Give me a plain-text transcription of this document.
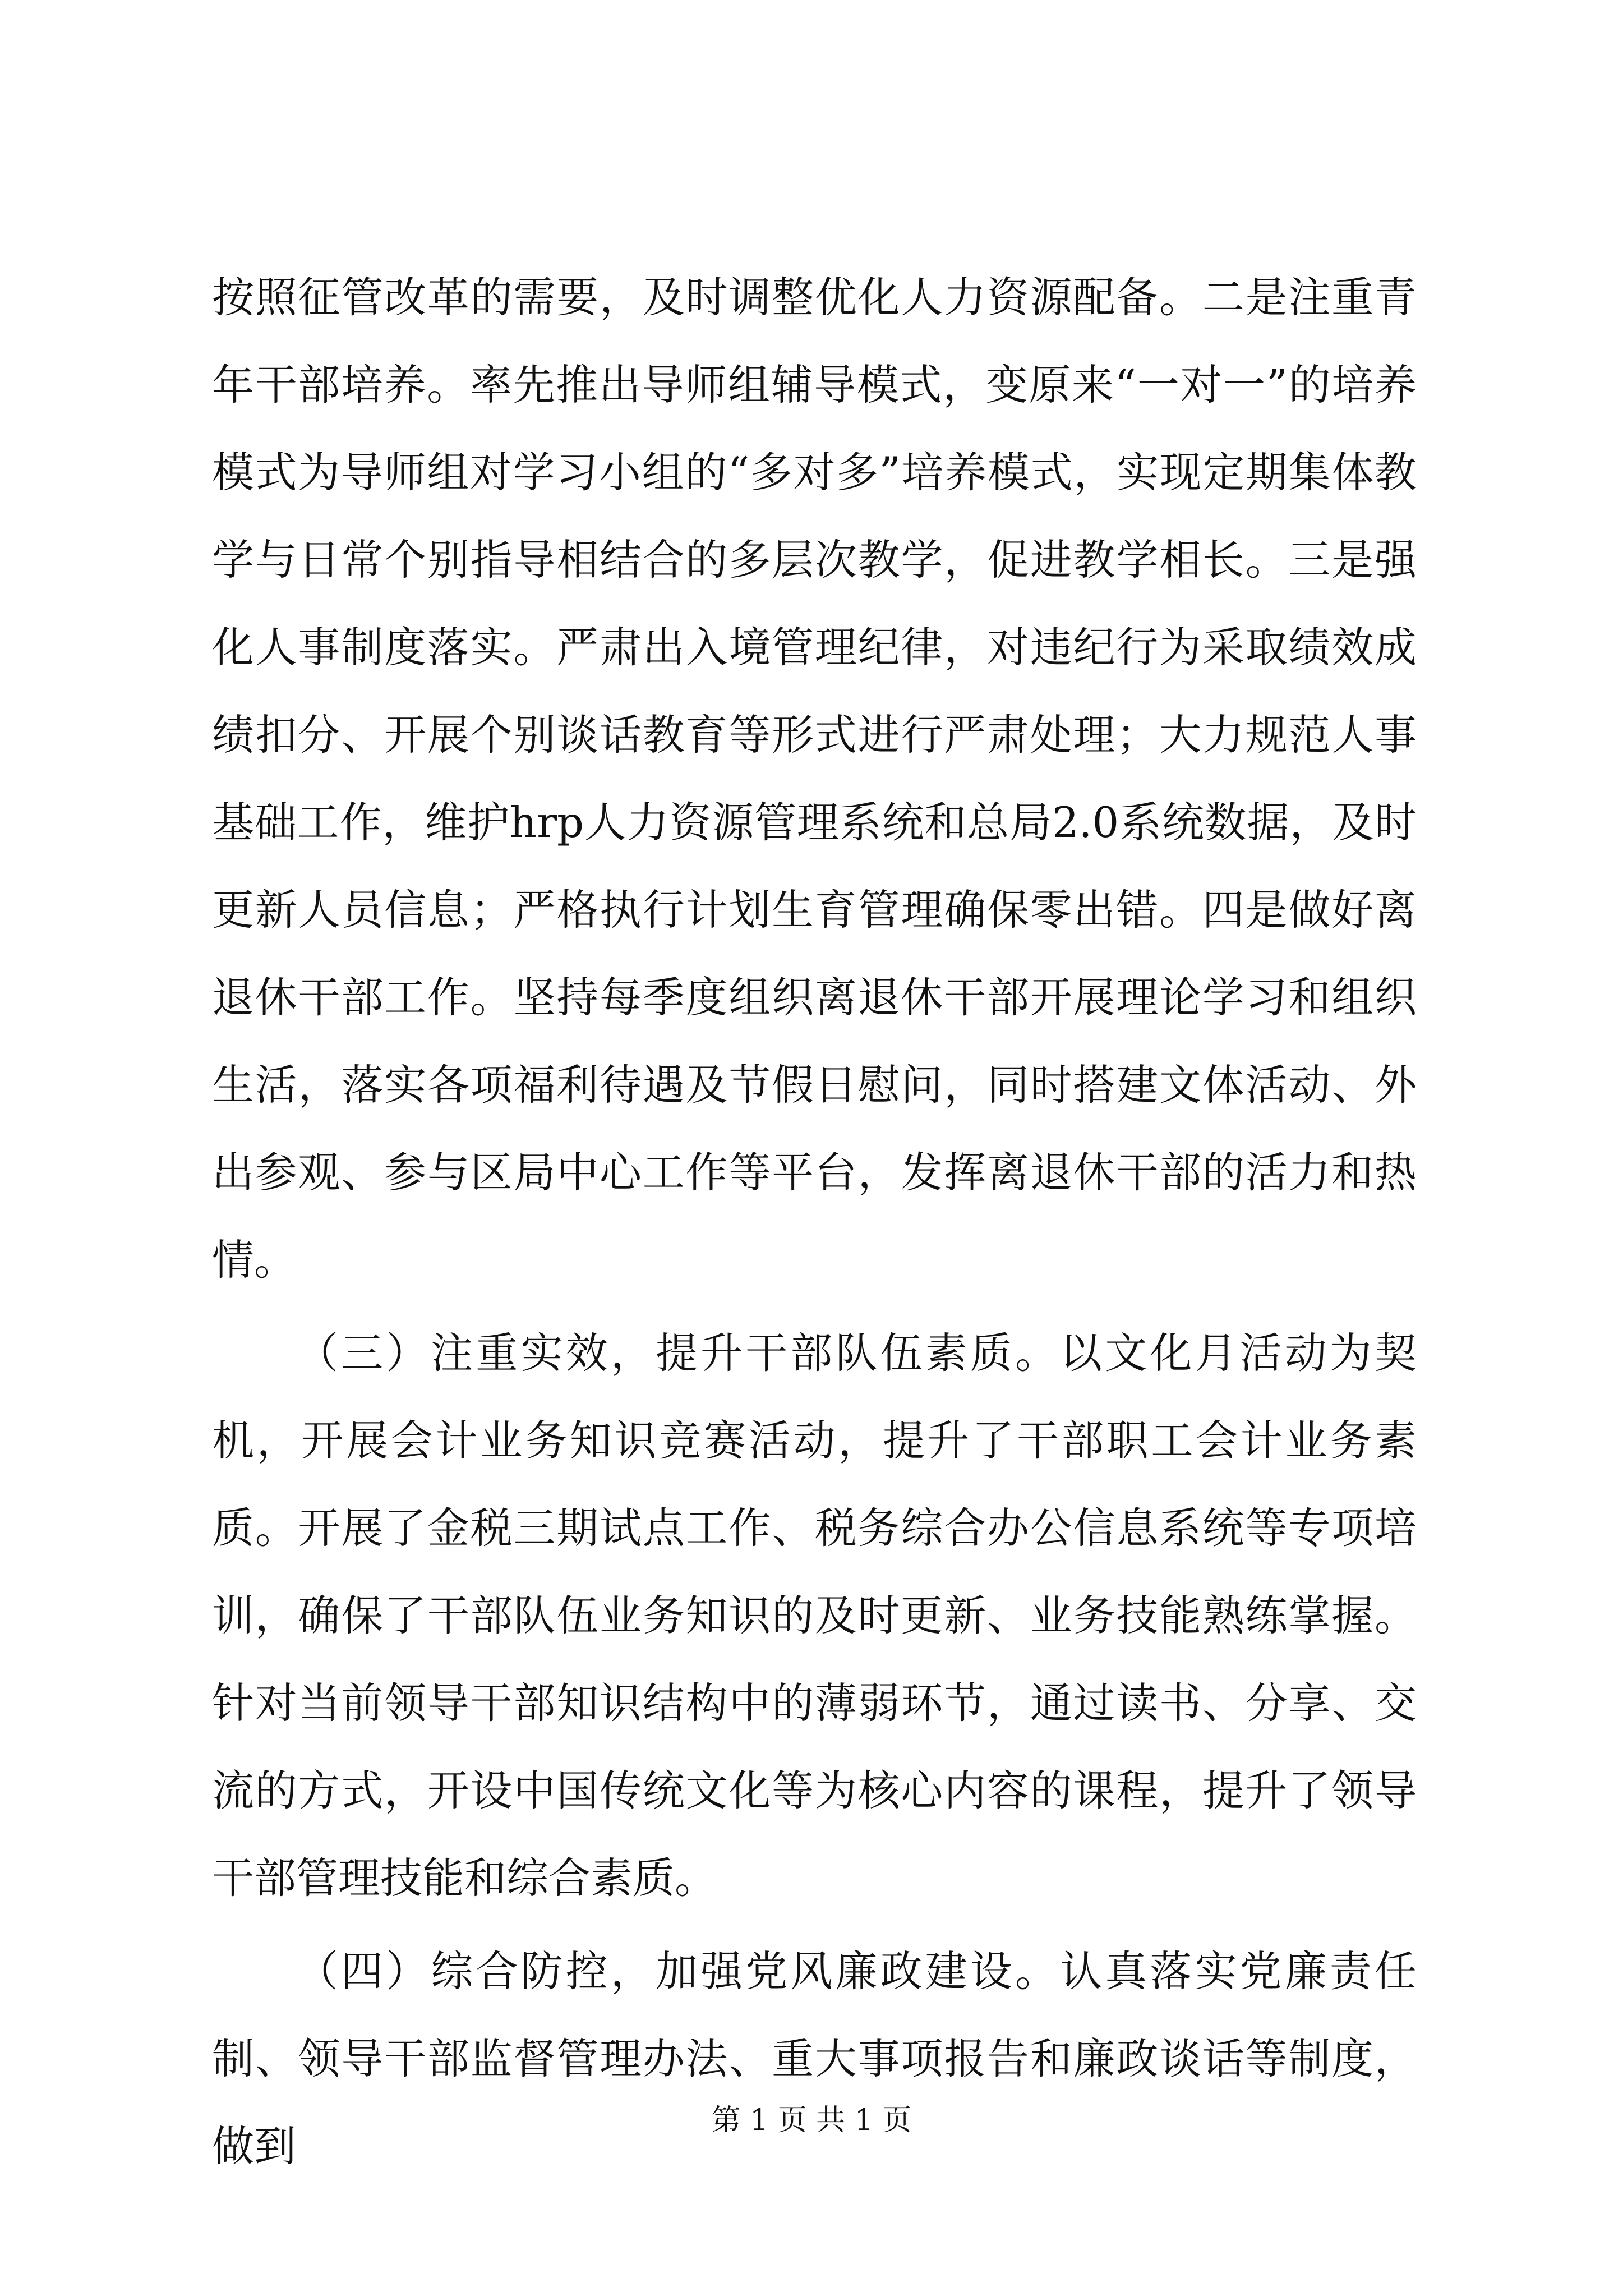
按照征管改革的需要，及时调整优化人力资源配备。二是注重青年干部培养。率先推出导师组辅导模式，变原来“一对一”的培养模式为导师组对学习小组的“多对多”培养模式，实现定期集体教学与日常个别指导相结合的多层次教学，促进教学相长。三是强化人事制度落实。严肃出入境管理纪律，对违纪行为采取绩效成绩扣分、开展个别谈话教育等形式进行严肃处理；大力规范人事基础工作，维护hrp人力资源管理系统和总局2.0系统数据，及时更新人员信息；严格执行计划生育管理确保零出错。四是做好离退休干部工作。坚持每季度组织离退休干部开展理论学习和组织生活，落实各项福利待遇及节假日慰问，同时搭建文体活动、外出参观、参与区局中心工作等平台，发挥离退休干部的活力和热情。

（三）注重实效，提升干部队伍素质。以文化月活动为契机，开展会计业务知识竞赛活动，提升了干部职工会计业务素质。开展了金税三期试点工作、税务综合办公信息系统等专项培训，确保了干部队伍业务知识的及时更新、业务技能熟练掌握。针对当前领导干部知识结构中的薄弱环节，通过读书、分享、交流的方式，开设中国传统文化等为核心内容的课程，提升了领导干部管理技能和综合素质。

（四）综合防控，加强党风廉政建设。认真落实党廉责任制、领导干部监督管理办法、重大事项报告和廉政谈话等制度，做到

第 1 页 共 1 页
